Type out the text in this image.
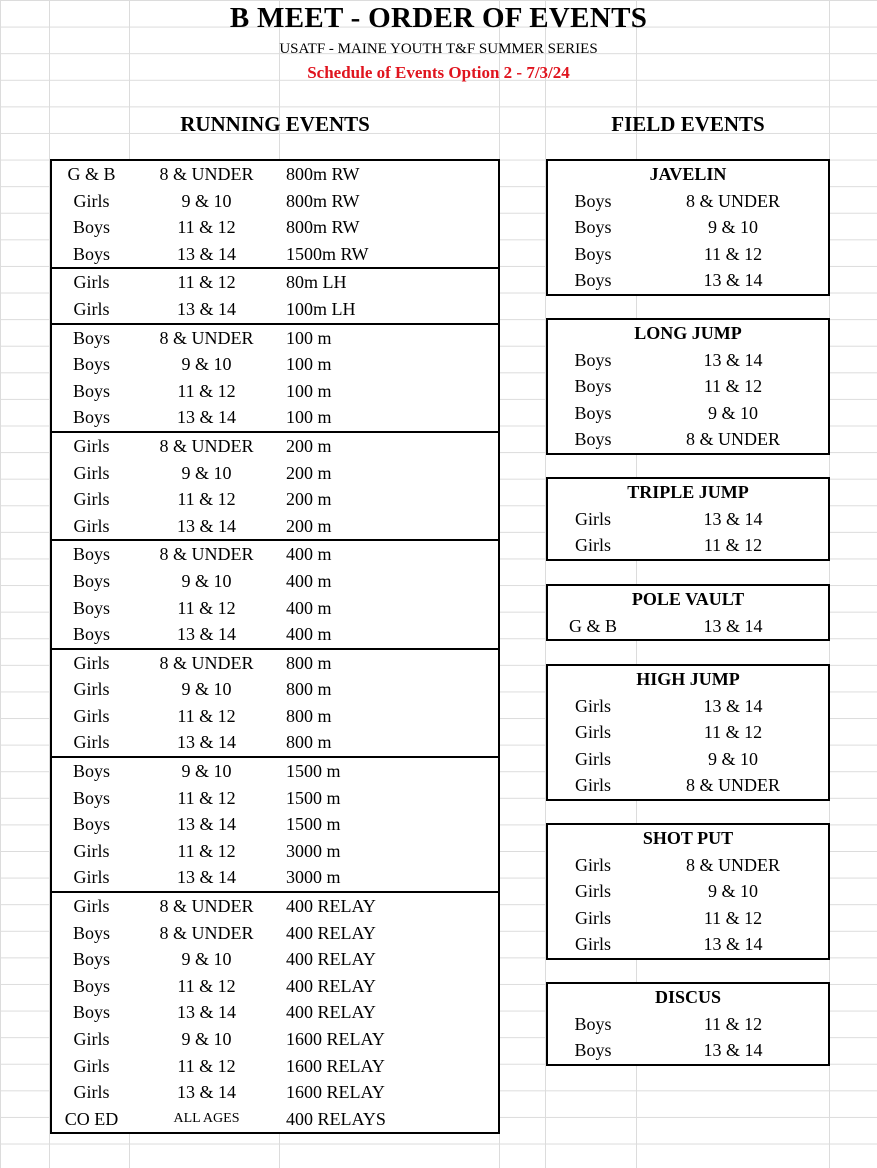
B MEET - ORDER OF EVENTS
USATF - MAINE YOUTH T&F SUMMER SERIES
Schedule of Events Option 2 - 7/3/24
RUNNING EVENTS	FIELD EVENTS
G & B	8 & UNDER	800m RW
Girls	9 & 10	800m RW
Boys	11 & 12	800m RW
Boys	13 & 14	1500m RW
Girls	11 & 12	80m LH
Girls	13 & 14	100m LH
Boys	8 & UNDER	100 m
Boys	9 & 10	100 m
Boys	11 & 12	100 m
Boys	13 & 14	100 m
Girls	8 & UNDER	200 m
Girls	9 & 10	200 m
Girls	11 & 12	200 m
Girls	13 & 14	200 m
Boys	8 & UNDER	400 m
Boys	9 & 10	400 m
Boys	11 & 12	400 m
Boys	13 & 14	400 m
Girls	8 & UNDER	800 m
Girls	9 & 10	800 m
Girls	11 & 12	800 m
Girls	13 & 14	800 m
Boys	9 & 10	1500 m
Boys	11 & 12	1500 m
Boys	13 & 14	1500 m
Girls	11 & 12	3000 m
Girls	13 & 14	3000 m
Girls	8 & UNDER	400 RELAY
Boys	8 & UNDER	400 RELAY
Boys	9 & 10	400 RELAY
Boys	11 & 12	400 RELAY
Boys	13 & 14	400 RELAY
Girls	9 & 10	1600 RELAY
Girls	11 & 12	1600 RELAY
Girls	13 & 14	1600 RELAY
CO ED	ALL AGES	400 RELAYS
JAVELIN
Boys	8 & UNDER
Boys	9 & 10
Boys	11 & 12
Boys	13 & 14
LONG JUMP
Boys	13 & 14
Boys	11 & 12
Boys	9 & 10
Boys	8 & UNDER
TRIPLE JUMP
Girls	13 & 14
Girls	11 & 12
POLE VAULT
G & B	13 & 14
HIGH JUMP
Girls	13 & 14
Girls	11 & 12
Girls	9 & 10
Girls	8 & UNDER
SHOT PUT
Girls	8 & UNDER
Girls	9 & 10
Girls	11 & 12
Girls	13 & 14
DISCUS
Boys	11 & 12
Boys	13 & 14
